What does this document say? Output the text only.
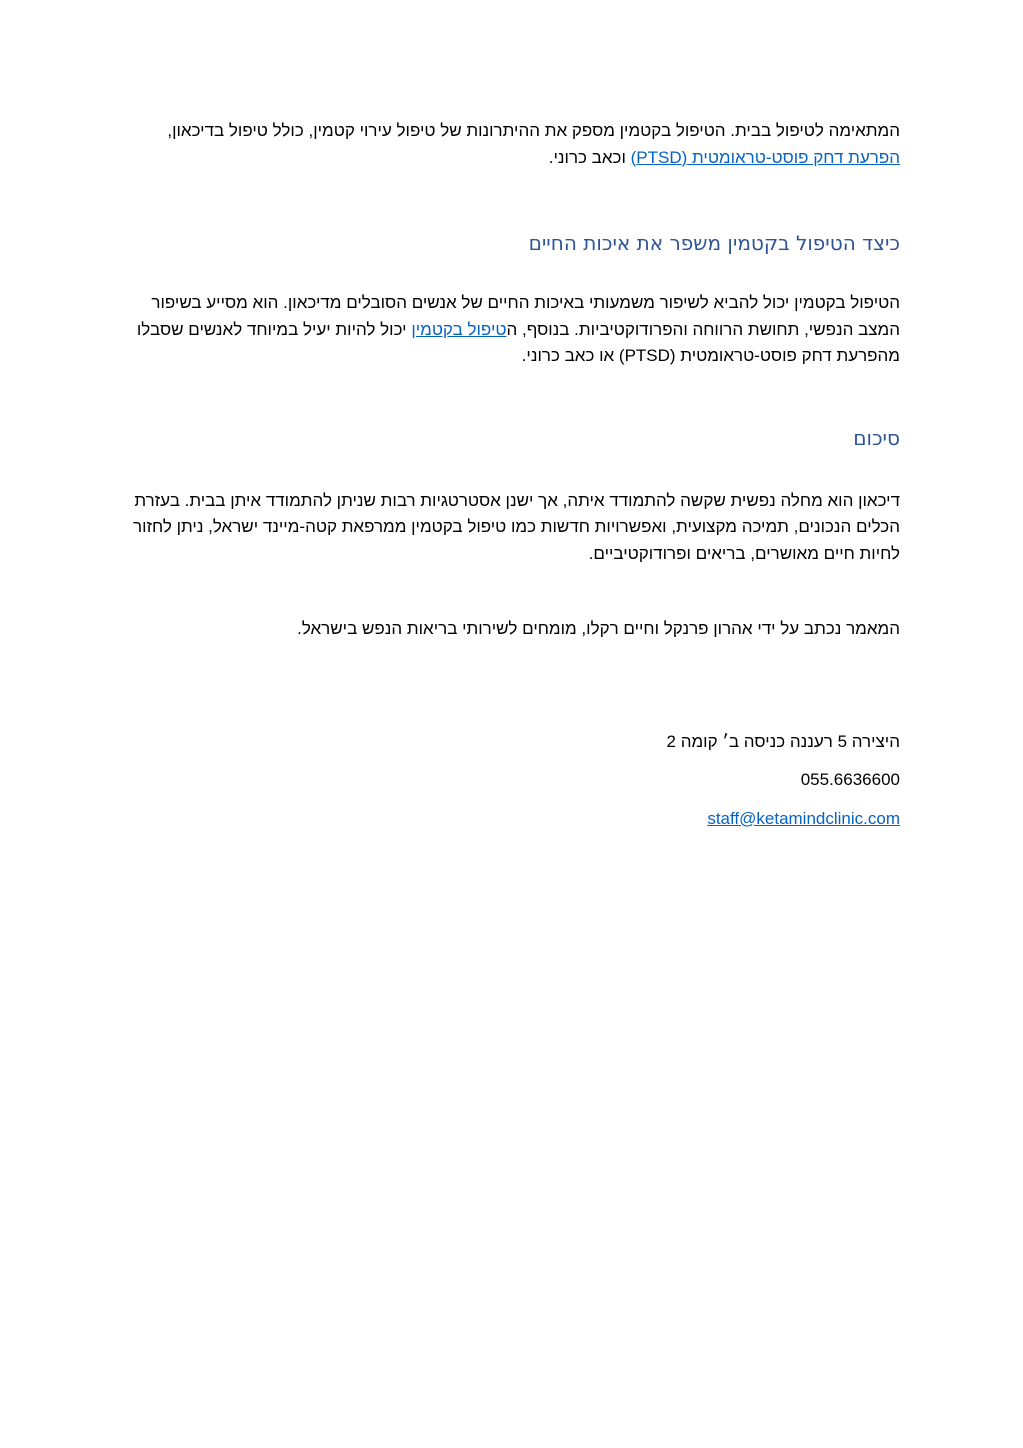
המתאימה לטיפול בבית. הטיפול בקטמין מספק את ההיתרונות של טיפול עירוי קטמין, כולל טיפול בדיכאון, הפרעת דחק פוסט-טראומטית (PTSD) וכאב כרוני.

כיצד הטיפול בקטמין משפר את איכות החיים

הטיפול בקטמין יכול להביא לשיפור משמעותי באיכות החיים של אנשים הסובלים מדיכאון. הוא מסייע בשיפור המצב הנפשי, תחושת הרווחה והפרודוקטיביות. בנוסף, הטיפול בקטמין יכול להיות יעיל במיוחד לאנשים שסבלו מהפרעת דחק פוסט-טראומטית (PTSD) או כאב כרוני.

סיכום

דיכאון הוא מחלה נפשית שקשה להתמודד איתה, אך ישנן אסטרטגיות רבות שניתן להתמודד איתן בבית. בעזרת הכלים הנכונים, תמיכה מקצועית, ואפשרויות חדשות כמו טיפול בקטמין ממרפאת קטה-מיינד ישראל, ניתן לחזור לחיות חיים מאושרים, בריאים ופרודוקטיביים.

המאמר נכתב על ידי אהרון פרנקל וחיים רקלו, מומחים לשירותי בריאות הנפש בישראל.

היצירה 5 רעננה כניסה ב׳ קומה 2

055.6636600

staff@ketamindclinic.com
